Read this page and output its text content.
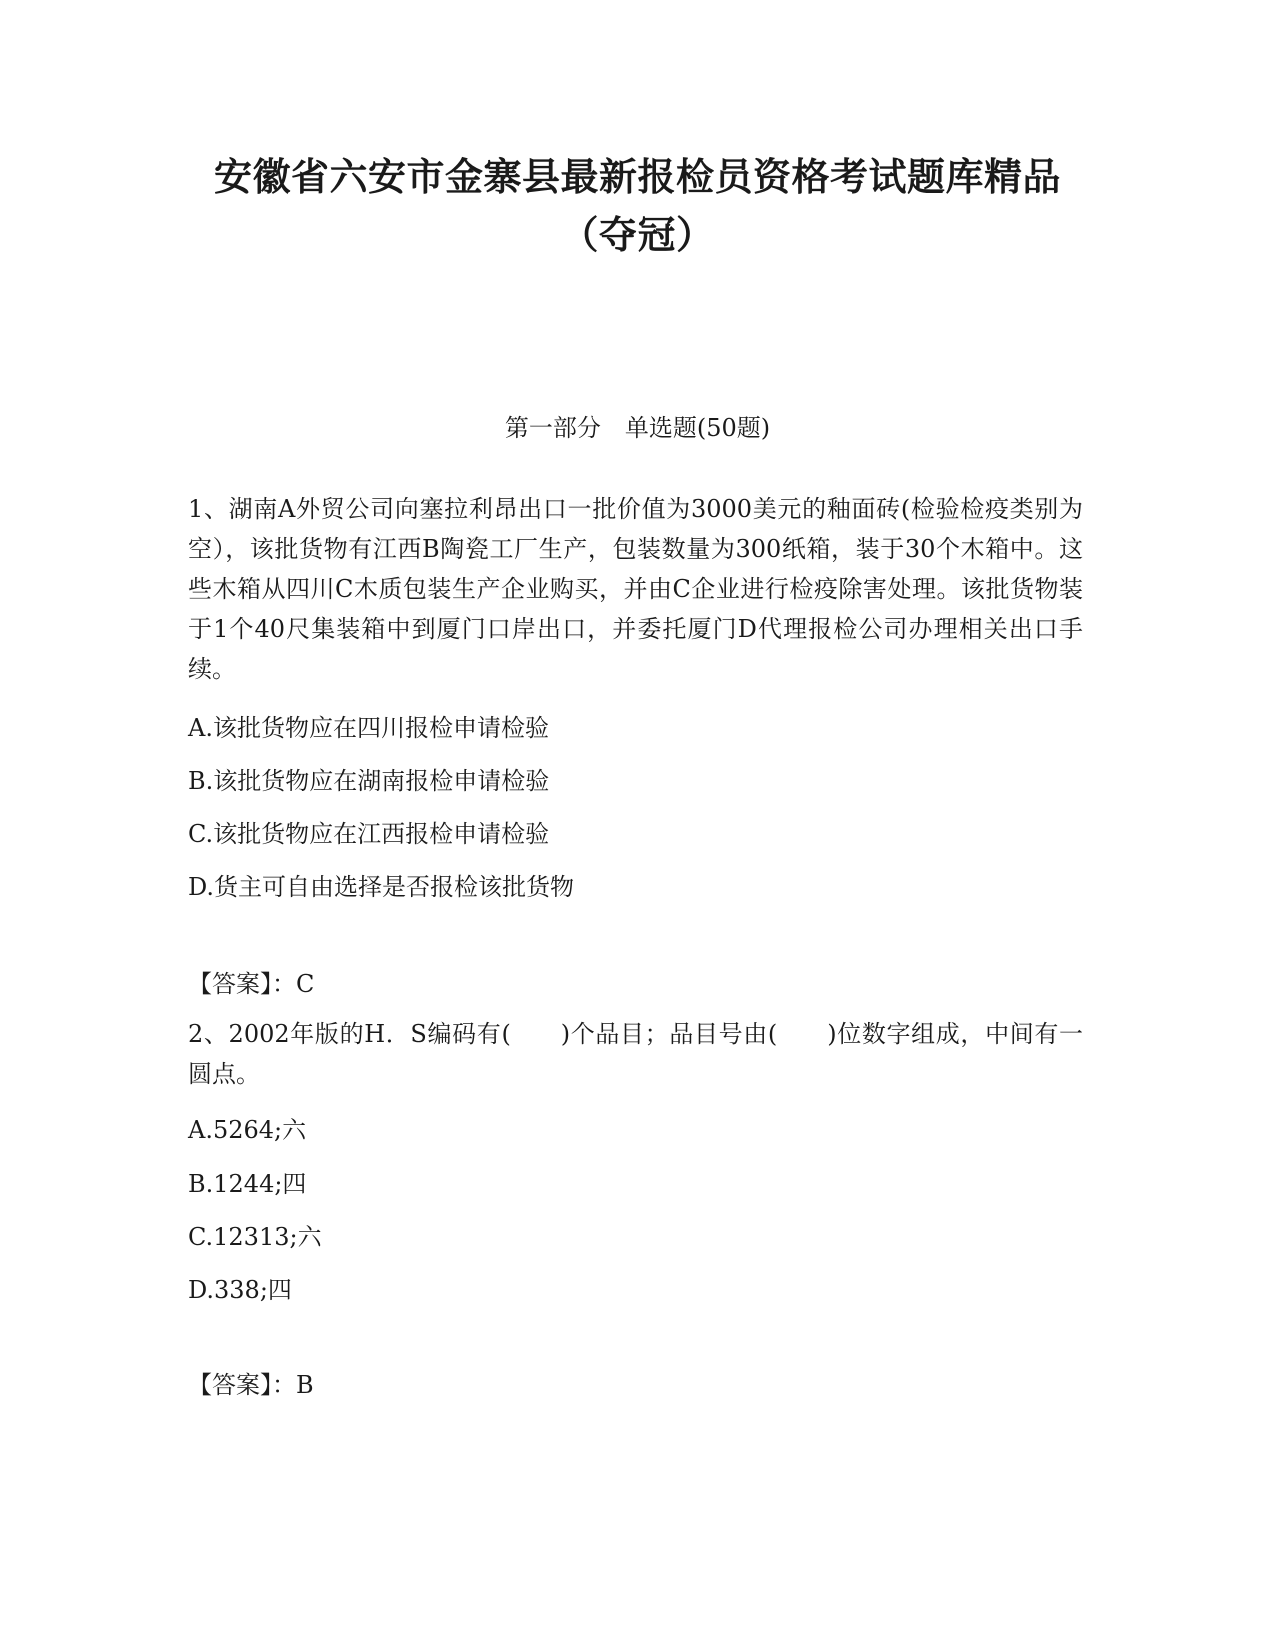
安徽省六安市金寨县最新报检员资格考试题库精品（夺冠）
第一部分　单选题(50题)
1、湖南A外贸公司向塞拉利昂出口一批价值为3000美元的釉面砖(检验检疫类别为空），该批货物有江西B陶瓷工厂生产，包装数量为300纸箱，装于30个木箱中。这些木箱从四川C木质包装生产企业购买，并由C企业进行检疫除害处理。该批货物装于1个40尺集装箱中到厦门口岸出口，并委托厦门D代理报检公司办理相关出口手续。
A.该批货物应在四川报检申请检验
B.该批货物应在湖南报检申请检验
C.该批货物应在江西报检申请检验
D.货主可自由选择是否报检该批货物
【答案】：C
2、2002年版的H．S编码有(　　)个品目；品目号由(　　)位数字组成，中间有一圆点。
A.5264;六
B.1244;四
C.12313;六
D.338;四
【答案】：B
